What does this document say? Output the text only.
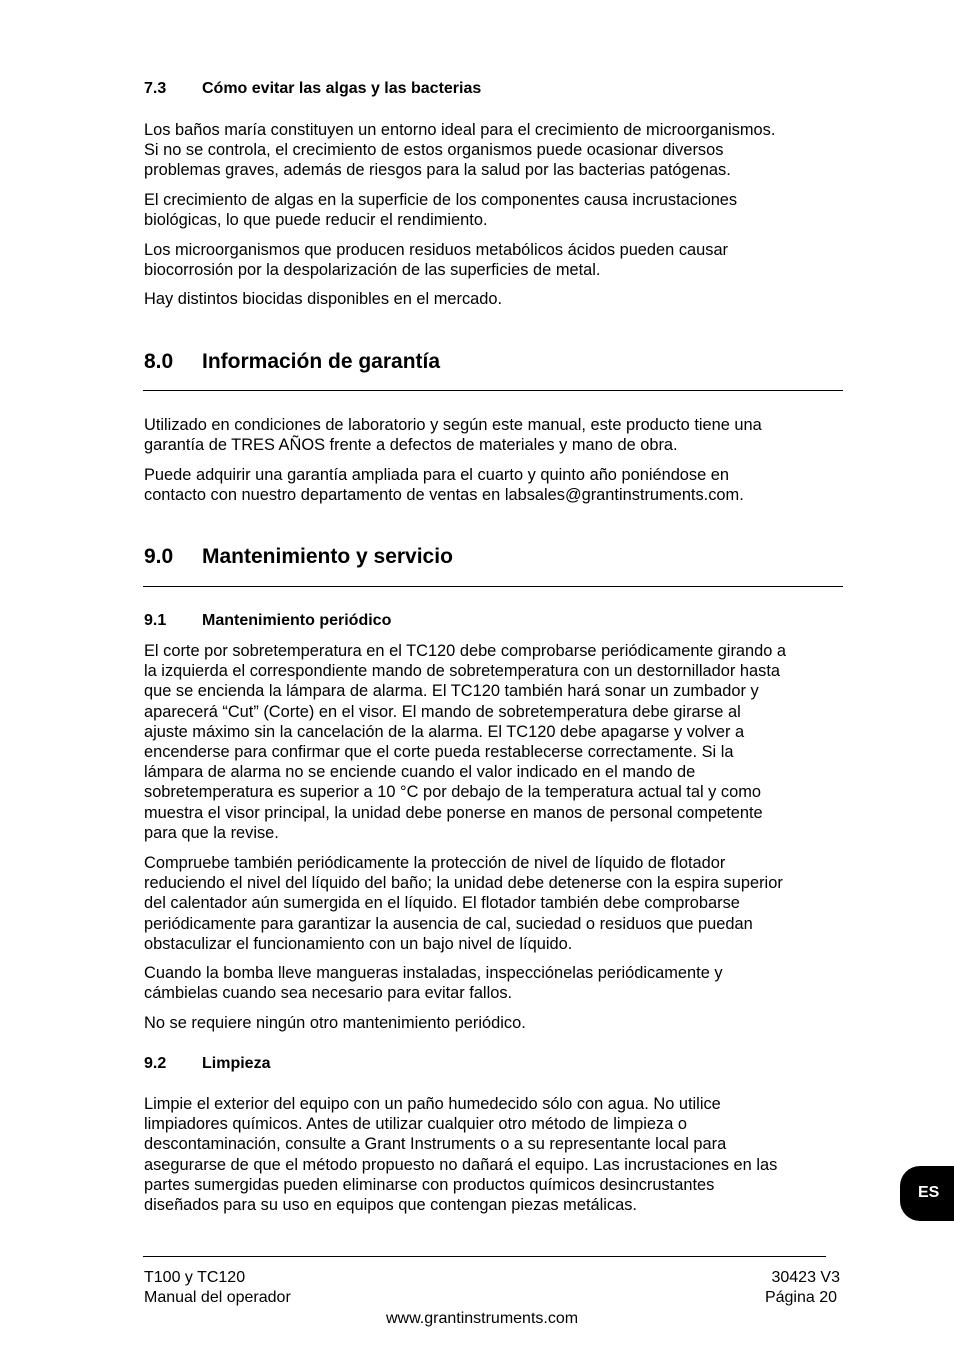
7.3 Cómo evitar las algas y las bacterias
Los baños maría constituyen un entorno ideal para el crecimiento de microorganismos.
Si no se controla, el crecimiento de estos organismos puede ocasionar diversos
problemas graves, además de riesgos para la salud por las bacterias patógenas.
El crecimiento de algas en la superficie de los componentes causa incrustaciones
biológicas, lo que puede reducir el rendimiento.
Los microorganismos que producen residuos metabólicos ácidos pueden causar
biocorrosión por la despolarización de las superficies de metal.
Hay distintos biocidas disponibles en el mercado.
8.0 Información de garantía
Utilizado en condiciones de laboratorio y según este manual, este producto tiene una
garantía de TRES AÑOS frente a defectos de materiales y mano de obra.
Puede adquirir una garantía ampliada para el cuarto y quinto año poniéndose en
contacto con nuestro departamento de ventas en labsales@grantinstruments.com.
9.0 Mantenimiento y servicio
9.1 Mantenimiento periódico
El corte por sobretemperatura en el TC120 debe comprobarse periódicamente girando a
la izquierda el correspondiente mando de sobretemperatura con un destornillador hasta
que se encienda la lámpara de alarma. El TC120 también hará sonar un zumbador y
aparecerá “Cut” (Corte) en el visor. El mando de sobretemperatura debe girarse al
ajuste máximo sin la cancelación de la alarma. El TC120 debe apagarse y volver a
encenderse para confirmar que el corte pueda restablecerse correctamente. Si la
lámpara de alarma no se enciende cuando el valor indicado en el mando de
sobretemperatura es superior a 10 °C por debajo de la temperatura actual tal y como
muestra el visor principal, la unidad debe ponerse en manos de personal competente
para que la revise.
Compruebe también periódicamente la protección de nivel de líquido de flotador
reduciendo el nivel del líquido del baño; la unidad debe detenerse con la espira superior
del calentador aún sumergida en el líquido. El flotador también debe comprobarse
periódicamente para garantizar la ausencia de cal, suciedad o residuos que puedan
obstaculizar el funcionamiento con un bajo nivel de líquido.
Cuando la bomba lleve mangueras instaladas, inspecciónelas periódicamente y
cámbielas cuando sea necesario para evitar fallos.
No se requiere ningún otro mantenimiento periódico.
9.2 Limpieza
Limpie el exterior del equipo con un paño humedecido sólo con agua. No utilice
limpiadores químicos. Antes de utilizar cualquier otro método de limpieza o
descontaminación, consulte a Grant Instruments o a su representante local para
asegurarse de que el método propuesto no dañará el equipo. Las incrustaciones en las
partes sumergidas pueden eliminarse con productos químicos desincrustantes
diseñados para su uso en equipos que contengan piezas metálicas.
ES
T100 y TC120
Manual del operador
30423 V3
Página 20
www.grantinstruments.com
